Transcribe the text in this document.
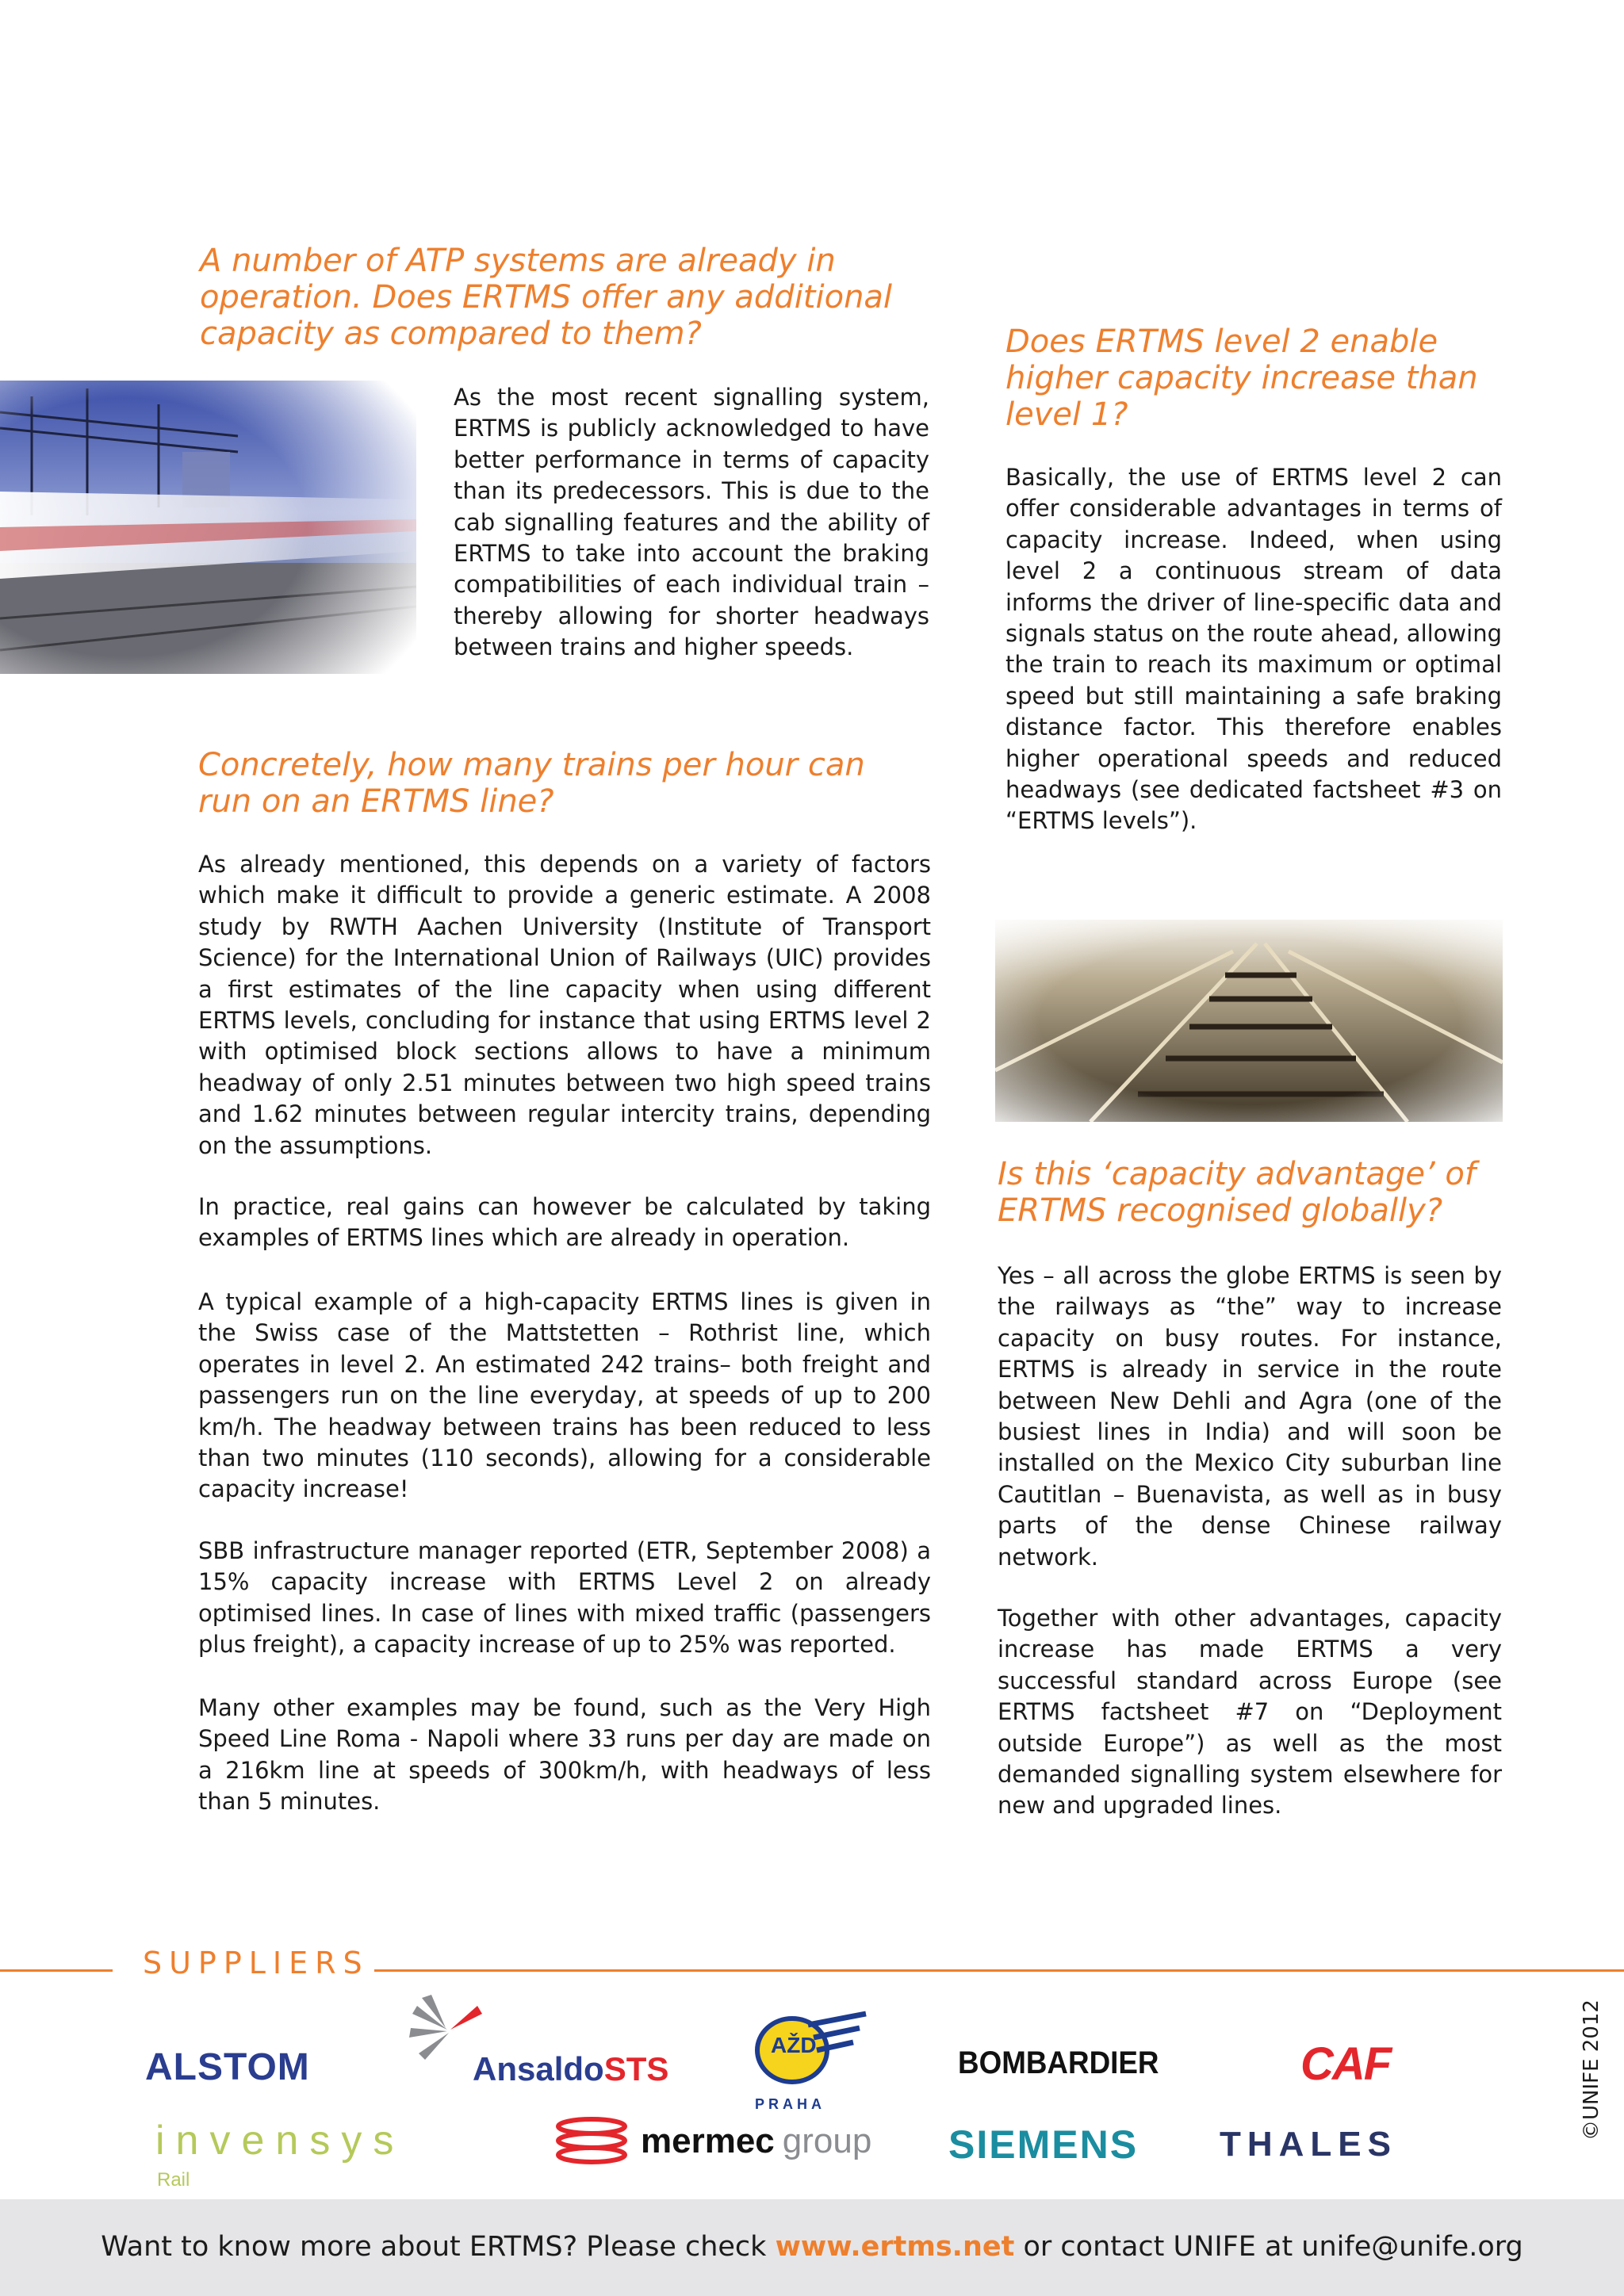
A number of ATP systems are already in operation. Does ERTMS offer any additional capacity as compared to them?

As the most recent signalling system, ERTMS is publicly acknowledged to have better performance in terms of capacity than its predecessors. This is due to the cab signalling features and the ability of ERTMS to take into account the braking compatibilities of each individual train – thereby allowing for shorter headways between trains and higher speeds.

Concretely, how many trains per hour can run on an ERTMS line?

As already mentioned, this depends on a variety of factors which make it difficult to provide a generic estimate. A 2008 study by RWTH Aachen University (Institute of Transport Science) for the International Union of Railways (UIC) provides a first estimates of the line capacity when using different ERTMS levels, concluding for instance that using ERTMS level 2 with optimised block sections allows to have a minimum headway of only 2.51 minutes between two high speed trains and 1.62 minutes between regular intercity trains, depending on the assumptions.

In practice, real gains can however be calculated by taking examples of ERTMS lines which are already in operation.

A typical example of a high-capacity ERTMS lines is given in the Swiss case of the Mattstetten – Rothrist line, which operates in level 2. An estimated 242 trains– both freight and passengers run on the line everyday, at speeds of up to 200 km/h. The headway between trains has been reduced to less than two minutes (110 seconds), allowing for a considerable capacity increase!

SBB infrastructure manager reported (ETR, September 2008) a 15% capacity increase with ERTMS Level 2 on already optimised lines. In case of lines with mixed traffic (passengers plus freight), a capacity increase of up to 25% was reported.

Many other examples may be found, such as the Very High Speed Line Roma - Napoli where 33 runs per day are made on a 216km line at speeds of 300km/h, with headways of less than 5 minutes.

Does ERTMS level 2 enable higher capacity increase than level 1?

Basically, the use of ERTMS level 2 can offer considerable advantages in terms of capacity increase. Indeed, when using level 2 a continuous stream of data informs the driver of line-specific data and signals status on the route ahead, allowing the train to reach its maximum or optimal speed but still maintaining a safe braking distance factor. This therefore enables higher operational speeds and reduced headways (see dedicated factsheet #3 on “ERTMS levels”).

Is this ‘capacity advantage’ of ERTMS recognised globally?

Yes – all across the globe ERTMS is seen by the railways as “the” way to increase capacity on busy routes. For instance, ERTMS is already in service in the route between New Dehli and Agra (one of the busiest lines in India) and will soon be installed on the Mexico City suburban line Cautitlan – Buenavista, as well as in busy parts of the dense Chinese railway network.

Together with other advantages, capacity increase has made ERTMS a very successful standard across Europe (see ERTMS factsheet #7 on “Deployment outside Europe”) as well as the most demanded signalling system elsewhere for new and upgraded lines.

SUPPLIERS
ALSTOM	AnsaldoSTS
AŽD
PRAHA
BOMBARDIER	CAF
invensys
Rail
mermec group SIEMENS THALES
©UNIFE 2012
Want to know more about ERTMS? Please check www.ertms.net or contact UNIFE at unife@unife.org
